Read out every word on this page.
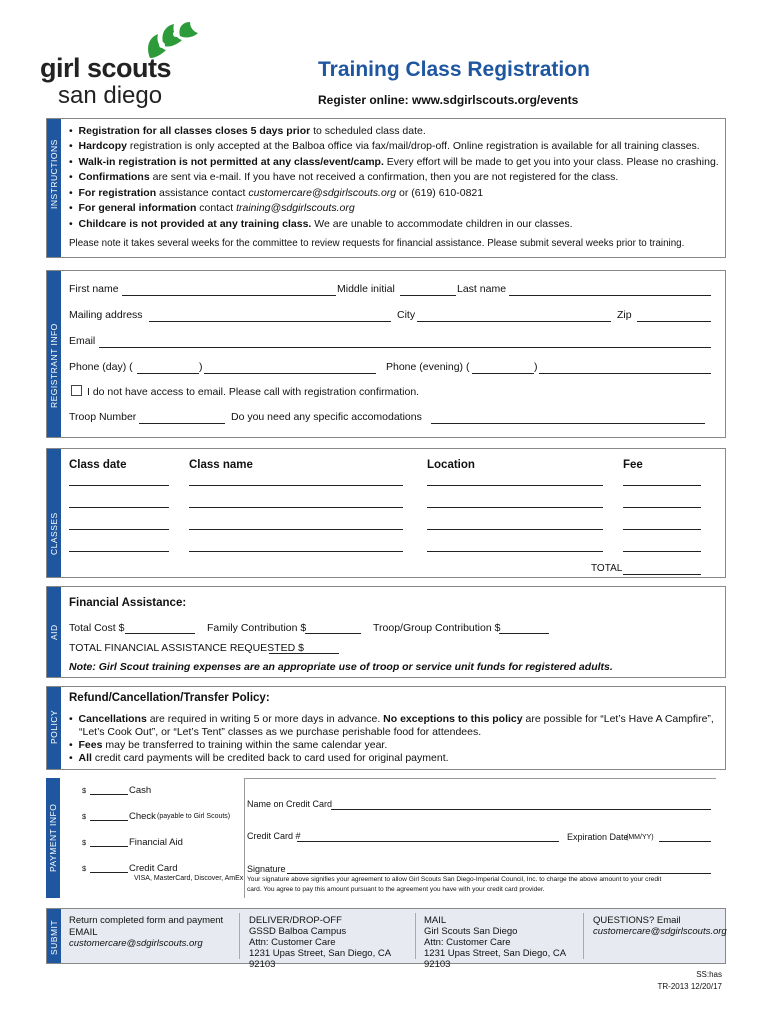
girl scouts
san diego
Training Class Registration
Register online: www.sdgirlscouts.org/events
INSTRUCTIONS
•  Registration for all classes closes 5 days prior to scheduled class date.
•  Hardcopy registration is only accepted at the Balboa office via fax/mail/drop-off. Online registration is available for all training classes.
•  Walk-in registration is not permitted at any class/event/camp. Every effort will be made to get you into your class. Please no crashing.
•  Confirmations are sent via e-mail. If you have not received a confirmation, then you are not registered for the class.
•  For registration assistance contact customercare@sdgirlscouts.org or (619) 610-0821
•  For general information contact training@sdgirlscouts.org
•  Childcare is not provided at any training class. We are unable to accommodate children in our classes.
Please note it takes several weeks for the committee to review requests for financial assistance. Please submit several weeks prior to training.
REGISTRANT INFO
First name	Middle initial	Last name
Mailing address	City	Zip
Email
Phone (day) (	)	Phone (evening) (	)
I do not have access to email. Please call with registration confirmation.
Troop Number	Do you need any specific accomodations
CLASSES
Class date	Class name	Location	Fee
TOTAL
AID
Financial Assistance:
Total Cost $	Family Contribution $	Troop/Group Contribution $
TOTAL FINANCIAL ASSISTANCE REQUESTED $
Note: Girl Scout training expenses are an appropriate use of troop or service unit funds for registered adults.
POLICY
Refund/Cancellation/Transfer Policy:
•  Cancellations are required in writing 5 or more days in advance. No exceptions to this policy are possible for “Let’s Have A Campfire”,
“Let’s Cook Out”, or “Let’s Tent” classes as we purchase perishable food for attendees.
•  Fees may be transferred to training within the same calendar year.
•  All credit card payments will be credited back to card used for original payment.
PAYMENT INFO
$	Cash
$	Check (payable to Girl Scouts)
$	Financial Aid
$	Credit Card
VISA, MasterCard, Discover, AmEx
Name on Credit Card
Credit Card #	Expiration Date
(MM/YY)
Signature
Your signature above signifies your agreement to allow Girl Scouts San Diego-Imperial Council, Inc. to charge the above amount to your credit
card. You agree to pay this amount pursuant to the agreement you have with your credit card provider.
SUBMIT Return completed form and payment
EMAIL
customercare@sdgirlscouts.org
DELIVER/DROP-OFF
GSSD Balboa Campus
Attn: Customer Care
1231 Upas Street, San Diego, CA 92103
MAIL
Girl Scouts San Diego
Attn: Customer Care
1231 Upas Street, San Diego, CA 92103
QUESTIONS? Email
customercare@sdgirlscouts.org
SS:has
TR-2013 12/20/17
